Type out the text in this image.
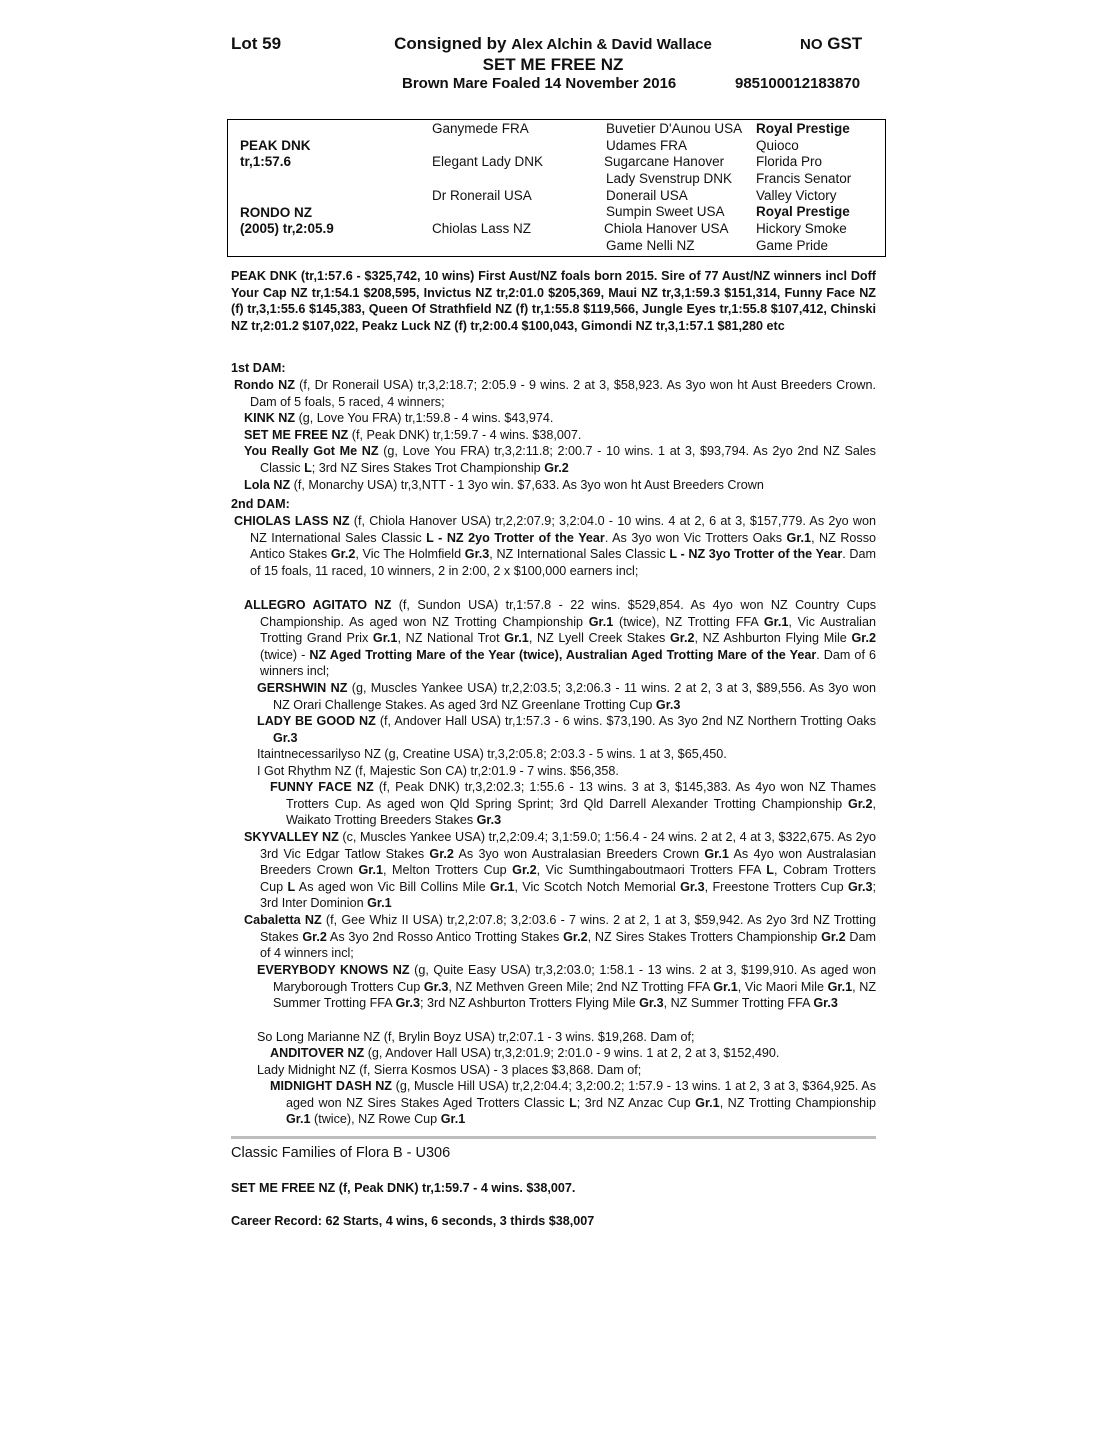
Lot 59	Consigned by Alex Alchin & David Wallace
SET ME FREE NZ
NO GST
Brown Mare Foaled 14 November 2016	985100012183870
PEAK DNK
tr,1:57.6
RONDO NZ
(2005) tr,2:05.9
Ganymede FRA
Elegant Lady DNK
Dr Ronerail USA
Chiolas Lass NZ
Buvetier D'Aunou USA
Udames FRA
Sugarcane Hanover
Lady Svenstrup DNK
Donerail USA
Sumpin Sweet USA
Chiola Hanover USA
Game Nelli NZ
Royal Prestige
Quioco
Florida Pro
Francis Senator
Valley Victory
Royal Prestige
Hickory Smoke
Game Pride
PEAK DNK (tr,1:57.6 - $325,742, 10 wins) First Aust/NZ foals born 2015. Sire of 77 Aust/NZ winners incl Doff Your Cap NZ tr,1:54.1 $208,595, Invictus NZ tr,2:01.0 $205,369, Maui NZ tr,3,1:59.3 $151,314, Funny Face NZ (f) tr,3,1:55.6 $145,383, Queen Of Strathfield NZ (f) tr,1:55.8 $119,566, Jungle Eyes tr,1:55.8 $107,412, Chinski NZ tr,2:01.2 $107,022, Peakz Luck NZ (f) tr,2:00.4 $100,043, Gimondi NZ tr,3,1:57.1 $81,280 etc
1st DAM:
Rondo NZ (f, Dr Ronerail USA) tr,3,2:18.7; 2:05.9 - 9 wins. 2 at 3, $58,923. As 3yo won ht Aust Breeders Crown. Dam of 5 foals, 5 raced, 4 winners;
KINK NZ (g, Love You FRA) tr,1:59.8 - 4 wins. $43,974.
SET ME FREE NZ (f, Peak DNK) tr,1:59.7 - 4 wins. $38,007.
You Really Got Me NZ (g, Love You FRA) tr,3,2:11.8; 2:00.7 - 10 wins. 1 at 3, $93,794. As 2yo 2nd NZ Sales Classic L; 3rd NZ Sires Stakes Trot Championship Gr.2
Lola NZ (f, Monarchy USA) tr,3,NTT - 1 3yo win. $7,633. As 3yo won ht Aust Breeders Crown
2nd DAM:
CHIOLAS LASS NZ (f, Chiola Hanover USA) tr,2,2:07.9; 3,2:04.0 - 10 wins. 4 at 2, 6 at 3, $157,779. As 2yo won NZ International Sales Classic L - NZ 2yo Trotter of the Year. As 3yo won Vic Trotters Oaks Gr.1, NZ Rosso Antico Stakes Gr.2, Vic The Holmfield Gr.3, NZ International Sales Classic L - NZ 3yo Trotter of the Year. Dam of 15 foals, 11 raced, 10 winners, 2 in 2:00, 2 x $100,000 earners incl;
ALLEGRO AGITATO NZ (f, Sundon USA) tr,1:57.8 - 22 wins. $529,854. As 4yo won NZ Country Cups Championship. As aged won NZ Trotting Championship Gr.1 (twice), NZ Trotting FFA Gr.1, Vic Australian Trotting Grand Prix Gr.1, NZ National Trot Gr.1, NZ Lyell Creek Stakes Gr.2, NZ Ashburton Flying Mile Gr.2 (twice) - NZ Aged Trotting Mare of the Year (twice), Australian Aged Trotting Mare of the Year. Dam of 6 winners incl;
GERSHWIN NZ (g, Muscles Yankee USA) tr,2,2:03.5; 3,2:06.3 - 11 wins. 2 at 2, 3 at 3, $89,556. As 3yo won NZ Orari Challenge Stakes. As aged 3rd NZ Greenlane Trotting Cup Gr.3
LADY BE GOOD NZ (f, Andover Hall USA) tr,1:57.3 - 6 wins. $73,190. As 3yo 2nd NZ Northern Trotting Oaks Gr.3
Itaintnecessarilyso NZ (g, Creatine USA) tr,3,2:05.8; 2:03.3 - 5 wins. 1 at 3, $65,450.
I Got Rhythm NZ (f, Majestic Son CA) tr,2:01.9 - 7 wins. $56,358.
FUNNY FACE NZ (f, Peak DNK) tr,3,2:02.3; 1:55.6 - 13 wins. 3 at 3, $145,383. As 4yo won NZ Thames Trotters Cup. As aged won Qld Spring Sprint; 3rd Qld Darrell Alexander Trotting Championship Gr.2, Waikato Trotting Breeders Stakes Gr.3
SKYVALLEY NZ (c, Muscles Yankee USA) tr,2,2:09.4; 3,1:59.0; 1:56.4 - 24 wins. 2 at 2, 4 at 3, $322,675. As 2yo 3rd Vic Edgar Tatlow Stakes Gr.2 As 3yo won Australasian Breeders Crown Gr.1 As 4yo won Australasian Breeders Crown Gr.1, Melton Trotters Cup Gr.2, Vic Sumthingaboutmaori Trotters FFA L, Cobram Trotters Cup L As aged won Vic Bill Collins Mile Gr.1, Vic Scotch Notch Memorial Gr.3, Freestone Trotters Cup Gr.3; 3rd Inter Dominion Gr.1
Cabaletta NZ (f, Gee Whiz II USA) tr,2,2:07.8; 3,2:03.6 - 7 wins. 2 at 2, 1 at 3, $59,942. As 2yo 3rd NZ Trotting Stakes Gr.2 As 3yo 2nd Rosso Antico Trotting Stakes Gr.2, NZ Sires Stakes Trotters Championship Gr.2 Dam of 4 winners incl;
EVERYBODY KNOWS NZ (g, Quite Easy USA) tr,3,2:03.0; 1:58.1 - 13 wins. 2 at 3, $199,910. As aged won Maryborough Trotters Cup Gr.3, NZ Methven Green Mile; 2nd NZ Trotting FFA Gr.1, Vic Maori Mile Gr.1, NZ Summer Trotting FFA Gr.3; 3rd NZ Ashburton Trotters Flying Mile Gr.3, NZ Summer Trotting FFA Gr.3
So Long Marianne NZ (f, Brylin Boyz USA) tr,2:07.1 - 3 wins. $19,268. Dam of;
ANDITOVER NZ (g, Andover Hall USA) tr,3,2:01.9; 2:01.0 - 9 wins. 1 at 2, 2 at 3, $152,490.
Lady Midnight NZ (f, Sierra Kosmos USA) - 3 places $3,868. Dam of;
MIDNIGHT DASH NZ (g, Muscle Hill USA) tr,2,2:04.4; 3,2:00.2; 1:57.9 - 13 wins. 1 at 2, 3 at 3, $364,925. As aged won NZ Sires Stakes Aged Trotters Classic L; 3rd NZ Anzac Cup Gr.1, NZ Trotting Championship Gr.1 (twice), NZ Rowe Cup Gr.1
Classic Families of Flora B - U306
SET ME FREE NZ (f, Peak DNK) tr,1:59.7 - 4 wins. $38,007.
Career Record: 62 Starts, 4 wins, 6 seconds, 3 thirds $38,007
